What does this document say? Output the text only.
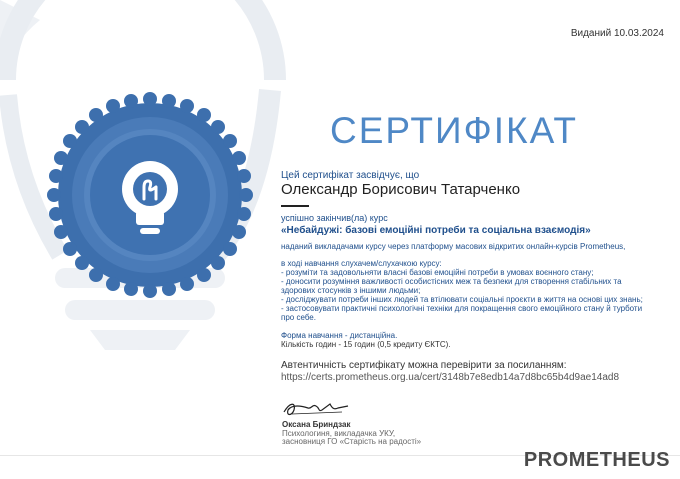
Виданий 10.03.2024
СЕРТИФІКАТ
Цей сертифікат засвідчує, що
Олександр Борисович Татарченко
успішно закінчив(ла) курс
«Небайдужі: базові емоційні потреби та соціальна взаємодія»
наданий викладачами курсу через платформу масових відкритих онлайн-курсів Prometheus,
в ході навчання слухачем/слухачкою курсу:
- розуміти та задовольняти власні базові емоційні потреби в умовах воєнного стану;
- доносити розуміння важливості особистісних меж та безпеки для створення стабільних та
здорових стосунків з іншими людьми;
- досліджувати потреби інших людей та втілювати соціальні проєкти в життя на основі цих знань;
- застосовувати практичні психологічні техніки для покращення свого емоційного стану й турботи
про себе.
Форма навчання - дистанційна.
Кількість годин - 15 годин (0,5 кредиту ЄКТС).
Автентичність сертифікату можна перевірити за посиланням:
https://certs.prometheus.org.ua/cert/3148b7e8edb14a7d8bc65b4d9ae14ad8
Оксана Бриндзак
Психологиня, викладачка УКУ,
засновниця ГО «Старість на радості»
PROMETHEUS
